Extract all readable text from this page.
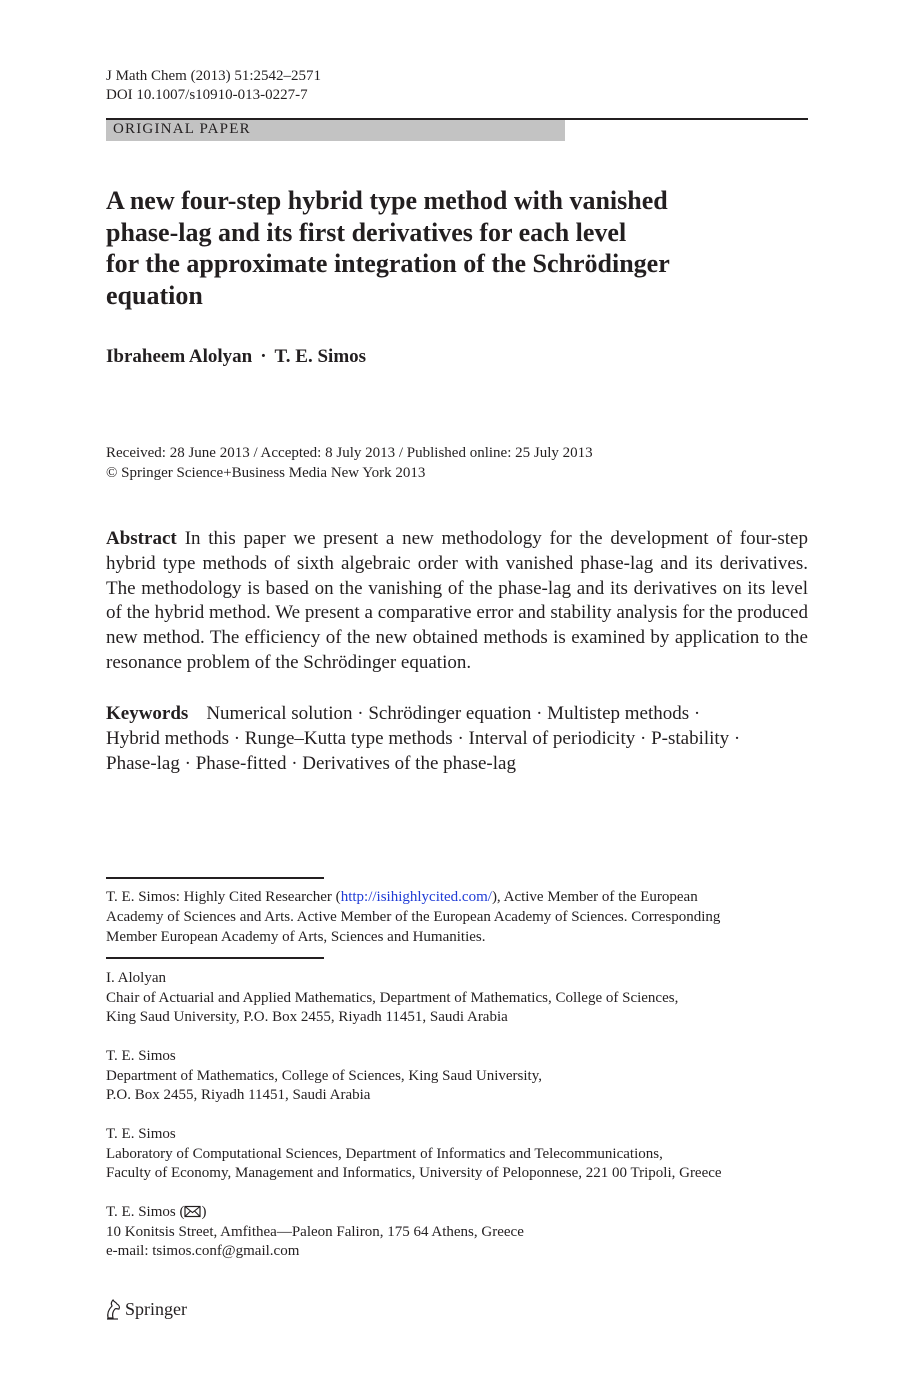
J Math Chem (2013) 51:2542–2571
DOI 10.1007/s10910-013-0227-7
ORIGINAL PAPER
A new four-step hybrid type method with vanished
phase-lag and its first derivatives for each level
for the approximate integration of the Schrödinger
equation
Ibraheem Alolyan · T. E. Simos
Received: 28 June 2013 / Accepted: 8 July 2013 / Published online: 25 July 2013
© Springer Science+Business Media New York 2013

Abstract In this paper we present a new methodology for the development of four-step hybrid type methods of sixth algebraic order with vanished phase-lag and its derivatives. The methodology is based on the vanishing of the phase-lag and its derivatives on its level of the hybrid method. We present a comparative error and stability analysis for the produced new method. The efficiency of the new obtained methods is examined by application to the resonance problem of the Schrödinger equation.

Keywords Numerical solution · Schrödinger equation · Multistep methods ·
Hybrid methods · Runge–Kutta type methods · Interval of periodicity · P-stability ·
Phase-lag · Phase-fitted · Derivatives of the phase-lag

T. E. Simos: Highly Cited Researcher (http://isihighlycited.com/), Active Member of the European
Academy of Sciences and Arts. Active Member of the European Academy of Sciences. Corresponding
Member European Academy of Arts, Sciences and Humanities.

I. Alolyan
Chair of Actuarial and Applied Mathematics, Department of Mathematics, College of Sciences,
King Saud University, P.O. Box 2455, Riyadh 11451, Saudi Arabia
T. E. Simos
Department of Mathematics, College of Sciences, King Saud University,
P.O. Box 2455, Riyadh 11451, Saudi Arabia
T. E. Simos
Laboratory of Computational Sciences, Department of Informatics and Telecommunications,
Faculty of Economy, Management and Informatics, University of Peloponnese, 221 00 Tripoli, Greece
T. E. Simos ( )
10 Konitsis Street, Amfithea—Paleon Faliron, 175 64 Athens, Greece
e-mail: tsimos.conf@gmail.com
Springer
